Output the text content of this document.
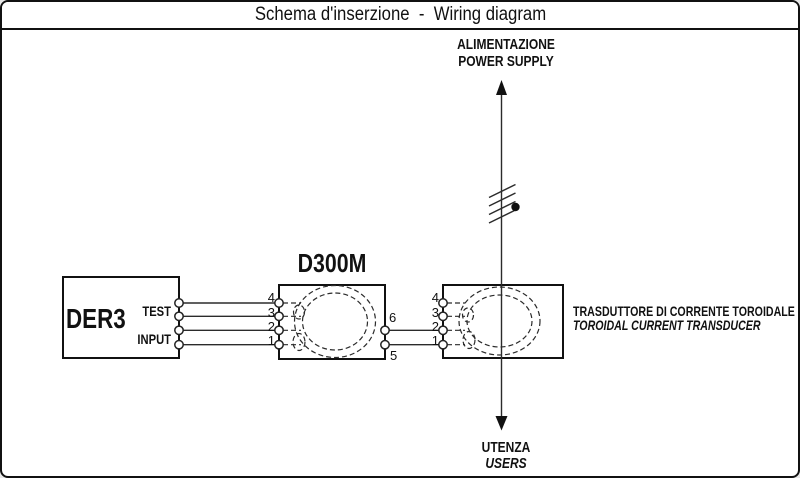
Schema d'inserzione  -  Wiring diagram
ALIMENTAZIONE
POWER SUPPLY
UTENZA
USERS
TRASDUTTORE DI CORRENTE TOROIDALE
TOROIDAL CURRENT TRANSDUCER
DER3	TEST
INPUT
D300M
4
3
2
1
6
5
4
3
2
1
